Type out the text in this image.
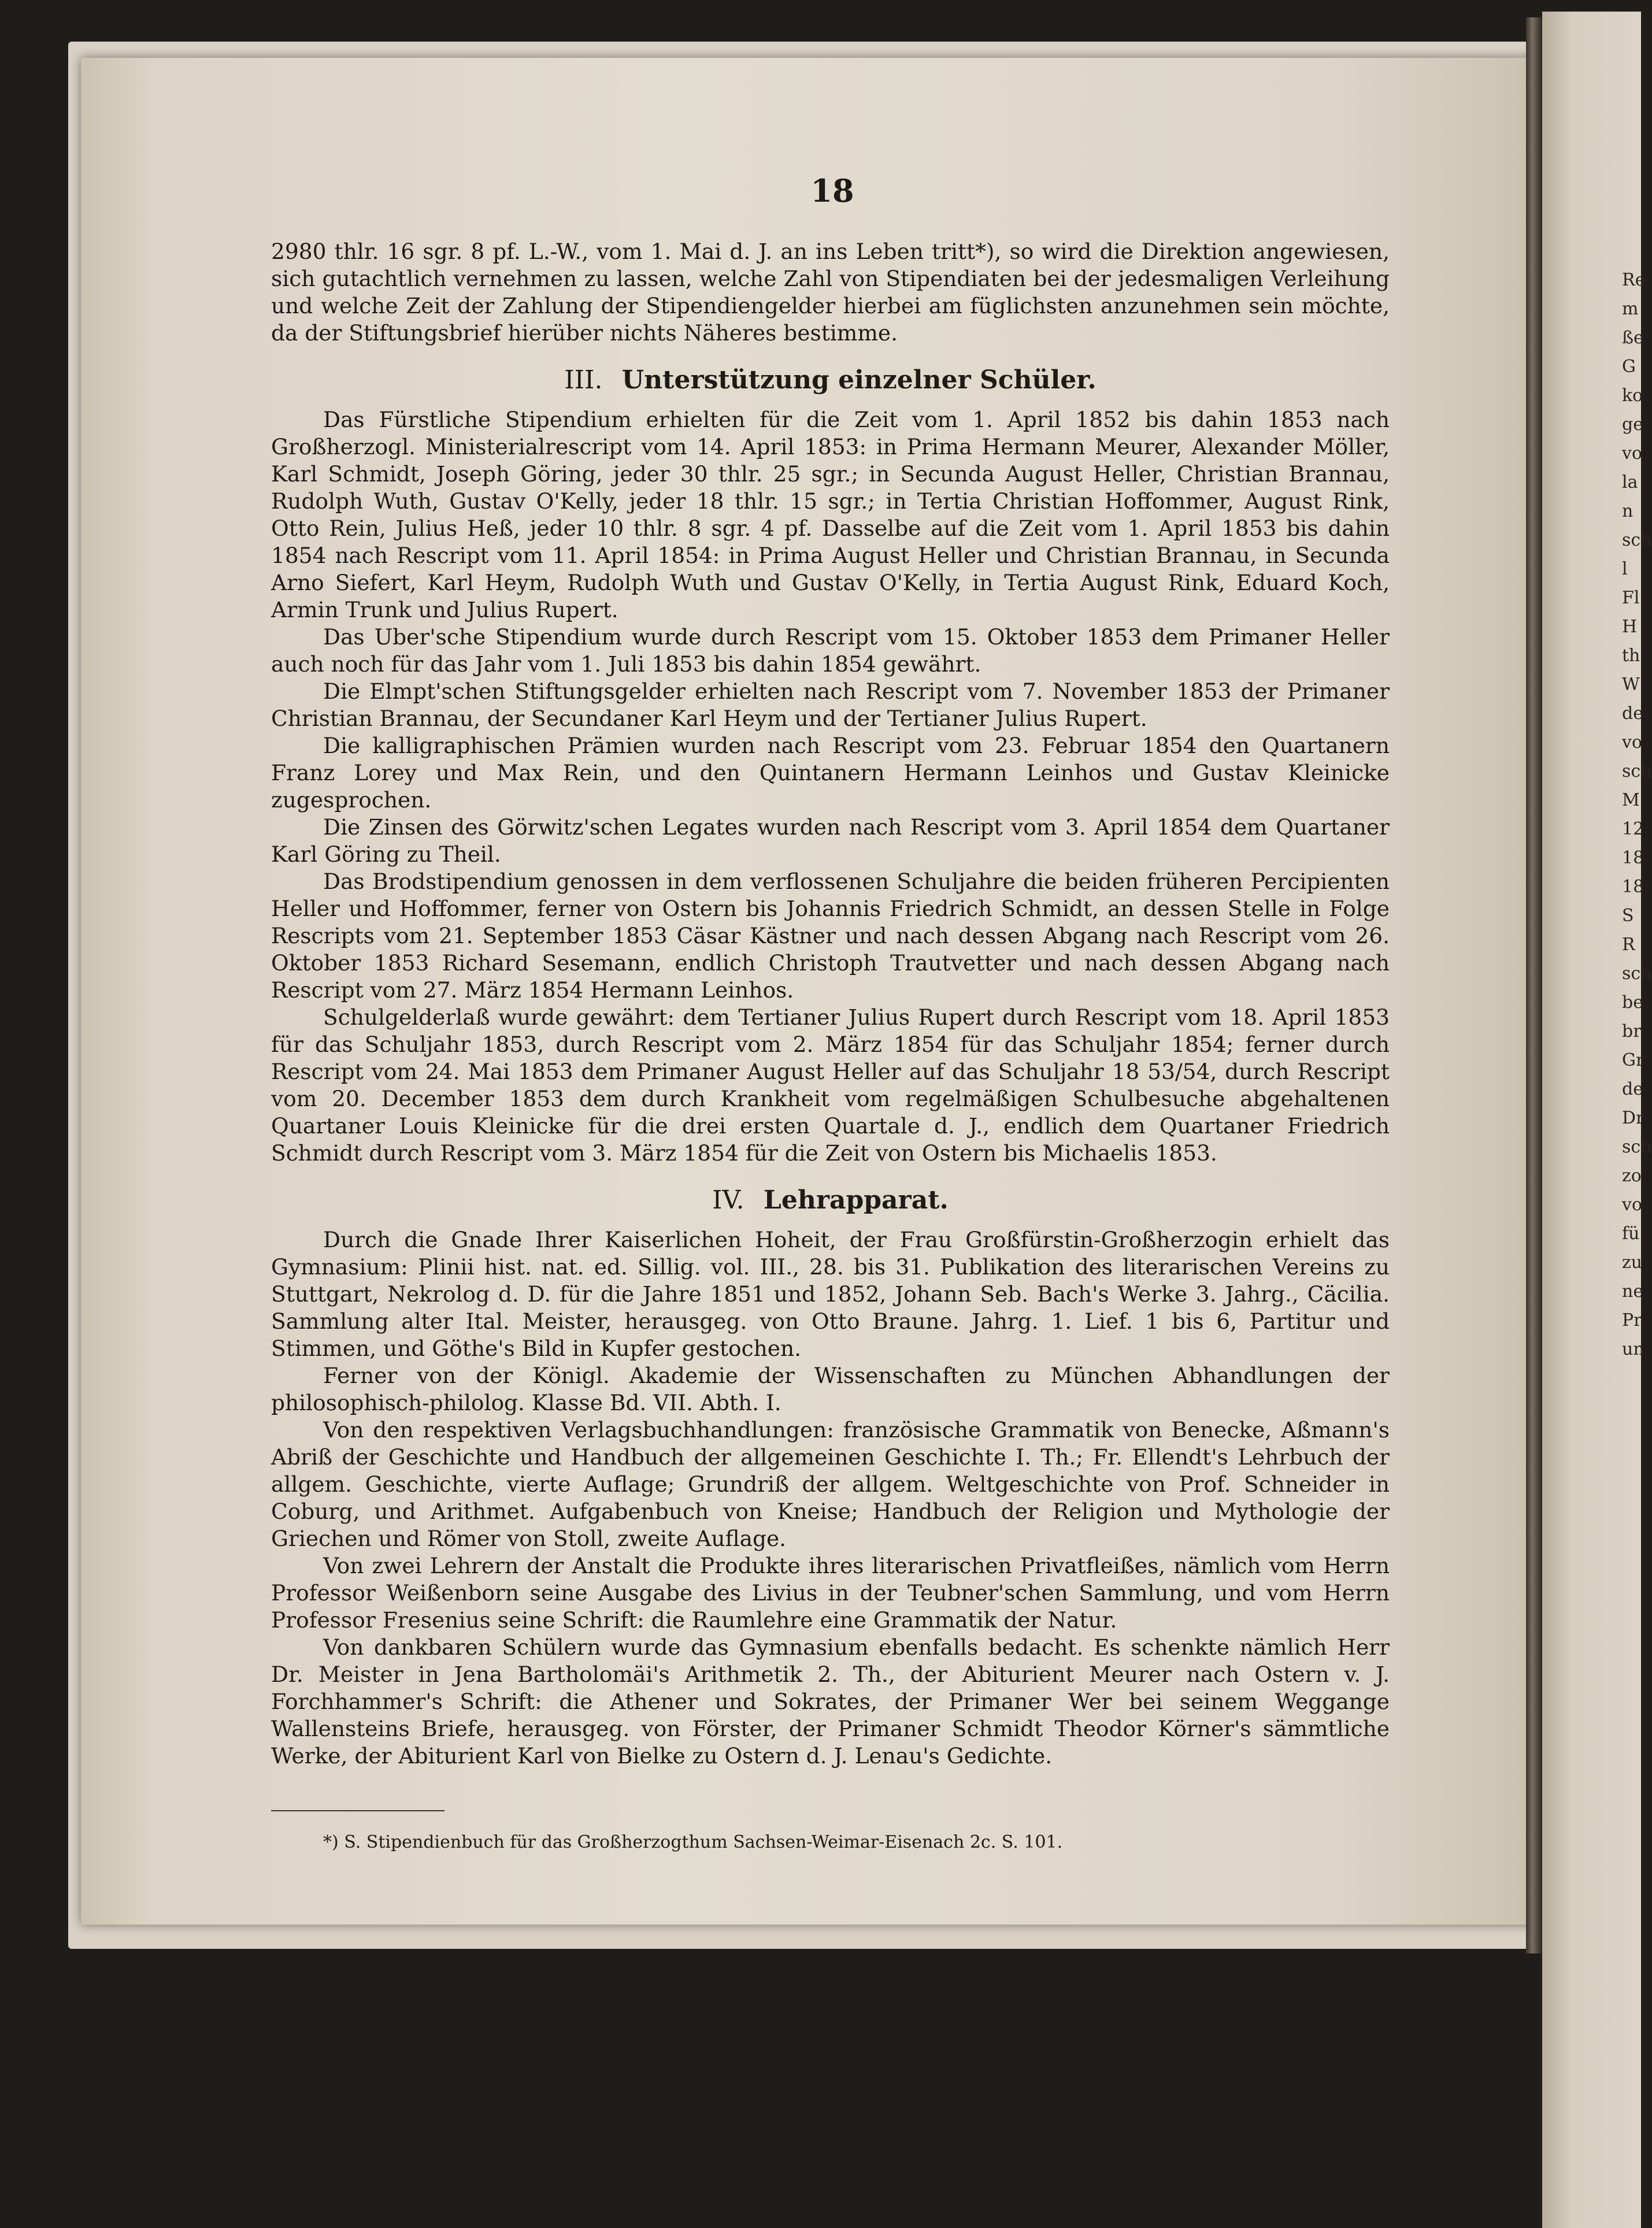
Re
m
ße
G
ko
ge
vo
la
n
sch
l
Fl
H
th
W
de
vo
sch
M
12
18
18
S
R
sch
be
br
Gr
de
Dr
sch
zo
vo
fü
zu
ne
Pr
un
18

2980 thlr. 16 sgr. 8 pf. L.-W., vom 1. Mai d. J. an ins Leben tritt*), so wird die Direktion angewiesen, sich gutachtlich vernehmen zu lassen, welche Zahl von Stipendiaten bei der jedesmaligen Verleihung und welche Zeit der Zahlung der Stipendiengelder hierbei am füglichsten anzunehmen sein möchte, da der Stiftungsbrief hierüber nichts Näheres bestimme.

III. Unterstützung einzelner Schüler.

Das Fürstliche Stipendium erhielten für die Zeit vom 1. April 1852 bis dahin 1853 nach Großherzogl. Ministerialrescript vom 14. April 1853: in Prima Hermann Meurer, Alexander Möller, Karl Schmidt, Joseph Göring, jeder 30 thlr. 25 sgr.; in Secunda August Heller, Christian Brannau, Rudolph Wuth, Gustav O'Kelly, jeder 18 thlr. 15 sgr.; in Tertia Christian Hoffommer, August Rink, Otto Rein, Julius Heß, jeder 10 thlr. 8 sgr. 4 pf. Dasselbe auf die Zeit vom 1. April 1853 bis dahin 1854 nach Rescript vom 11. April 1854: in Prima August Heller und Christian Brannau, in Secunda Arno Siefert, Karl Heym, Rudolph Wuth und Gustav O'Kelly, in Tertia August Rink, Eduard Koch, Armin Trunk und Julius Rupert.

Das Uber'sche Stipendium wurde durch Rescript vom 15. Oktober 1853 dem Primaner Heller auch noch für das Jahr vom 1. Juli 1853 bis dahin 1854 gewährt.

Die Elmpt'schen Stiftungsgelder erhielten nach Rescript vom 7. November 1853 der Primaner Christian Brannau, der Secundaner Karl Heym und der Tertianer Julius Rupert.

Die kalligraphischen Prämien wurden nach Rescript vom 23. Februar 1854 den Quartanern Franz Lorey und Max Rein, und den Quintanern Hermann Leinhos und Gustav Kleinicke zugesprochen.

Die Zinsen des Görwitz'schen Legates wurden nach Rescript vom 3. April 1854 dem Quartaner Karl Göring zu Theil.

Das Brodstipendium genossen in dem verflossenen Schuljahre die beiden früheren Percipienten Heller und Hoffommer, ferner von Ostern bis Johannis Friedrich Schmidt, an dessen Stelle in Folge Rescripts vom 21. September 1853 Cäsar Kästner und nach dessen Abgang nach Rescript vom 26. Oktober 1853 Richard Sesemann, endlich Christoph Trautvetter und nach dessen Abgang nach Rescript vom 27. März 1854 Hermann Leinhos.

Schulgelderlaß wurde gewährt: dem Tertianer Julius Rupert durch Rescript vom 18. April 1853 für das Schuljahr 1853, durch Rescript vom 2. März 1854 für das Schuljahr 1854; ferner durch Rescript vom 24. Mai 1853 dem Primaner August Heller auf das Schuljahr 18 53/54, durch Rescript vom 20. December 1853 dem durch Krankheit vom regelmäßigen Schulbesuche abgehaltenen Quartaner Louis Kleinicke für die drei ersten Quartale d. J., endlich dem Quartaner Friedrich Schmidt durch Rescript vom 3. März 1854 für die Zeit von Ostern bis Michaelis 1853.

IV. Lehrapparat.

Durch die Gnade Ihrer Kaiserlichen Hoheit, der Frau Großfürstin-Großherzogin erhielt das Gymnasium: Plinii hist. nat. ed. Sillig. vol. III., 28. bis 31. Publikation des literarischen Vereins zu Stuttgart, Nekrolog d. D. für die Jahre 1851 und 1852, Johann Seb. Bach's Werke 3. Jahrg., Cäcilia. Sammlung alter Ital. Meister, herausgeg. von Otto Braune. Jahrg. 1. Lief. 1 bis 6, Partitur und Stimmen, und Göthe's Bild in Kupfer gestochen.

Ferner von der Königl. Akademie der Wissenschaften zu München Abhandlungen der philosophisch-philolog. Klasse Bd. VII. Abth. I.

Von den respektiven Verlagsbuchhandlungen: französische Grammatik von Benecke, Aßmann's Abriß der Geschichte und Handbuch der allgemeinen Geschichte I. Th.; Fr. Ellendt's Lehrbuch der allgem. Geschichte, vierte Auflage; Grundriß der allgem. Weltgeschichte von Prof. Schneider in Coburg, und Arithmet. Aufgabenbuch von Kneise; Handbuch der Religion und Mythologie der Griechen und Römer von Stoll, zweite Auflage.

Von zwei Lehrern der Anstalt die Produkte ihres literarischen Privatfleißes, nämlich vom Herrn Professor Weißenborn seine Ausgabe des Livius in der Teubner'schen Sammlung, und vom Herrn Professor Fresenius seine Schrift: die Raumlehre eine Grammatik der Natur.

Von dankbaren Schülern wurde das Gymnasium ebenfalls bedacht. Es schenkte nämlich Herr Dr. Meister in Jena Bartholomäi's Arithmetik 2. Th., der Abiturient Meurer nach Ostern v. J. Forchhammer's Schrift: die Athener und Sokrates, der Primaner Wer bei seinem Weggange Wallensteins Briefe, herausgeg. von Förster, der Primaner Schmidt Theodor Körner's sämmtliche Werke, der Abiturient Karl von Bielke zu Ostern d. J. Lenau's Gedichte.

*) S. Stipendienbuch für das Großherzogthum Sachsen-Weimar-Eisenach 2c. S. 101.
